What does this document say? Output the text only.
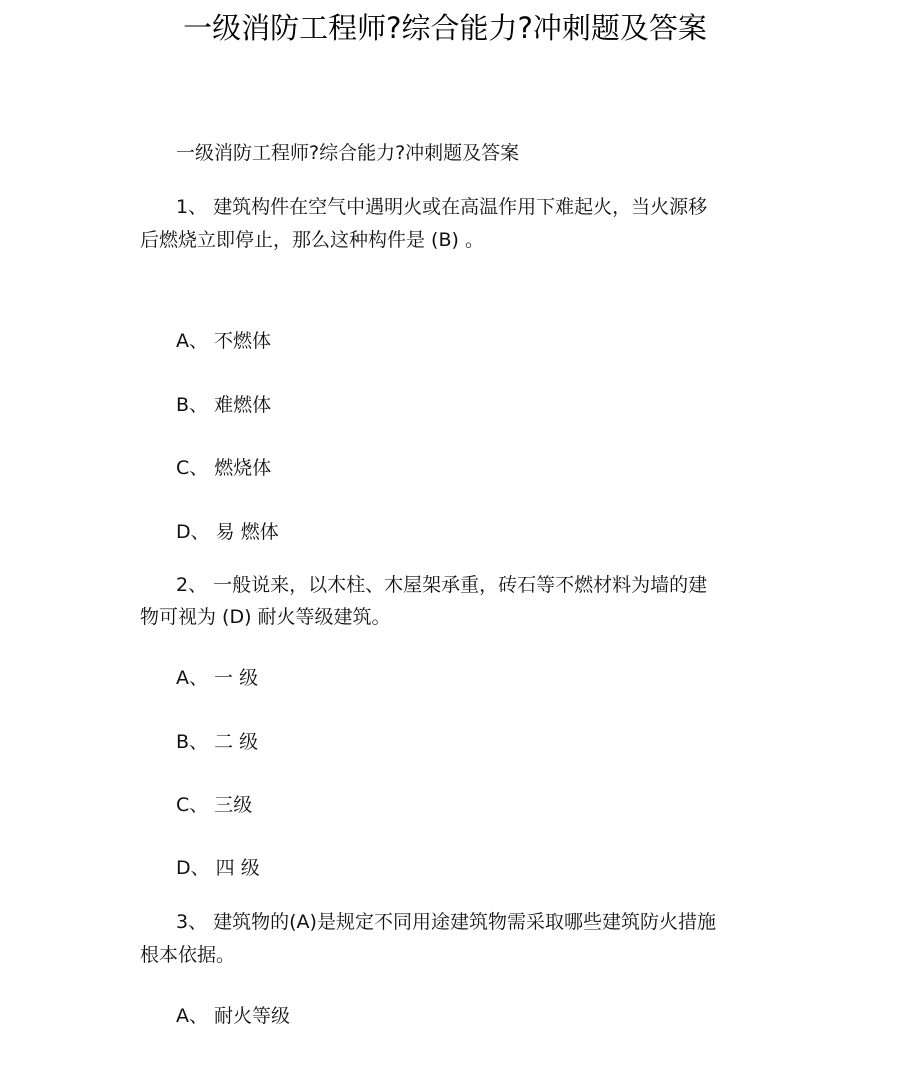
一级消防工程师?综合能力?冲刺题及答案
一级消防工程师?综合能力?冲刺题及答案
1、 建筑构件在空气中遇明火或在高温作用下难起火，当火源移
后燃烧立即停止，那么这种构件是 (B) 。
A、 不燃体
B、 难燃体
C、 燃烧体
D、 易 燃体
2、 一般说来，以木柱、木屋架承重，砖石等不燃材料为墙的建
物可视为 (D) 耐火等级建筑。
A、 一 级
B、 二 级
C、 三级
D、 四 级
3、 建筑物的(A)是规定不同用途建筑物需采取哪些建筑防火措施
根本依据。
A、 耐火等级
